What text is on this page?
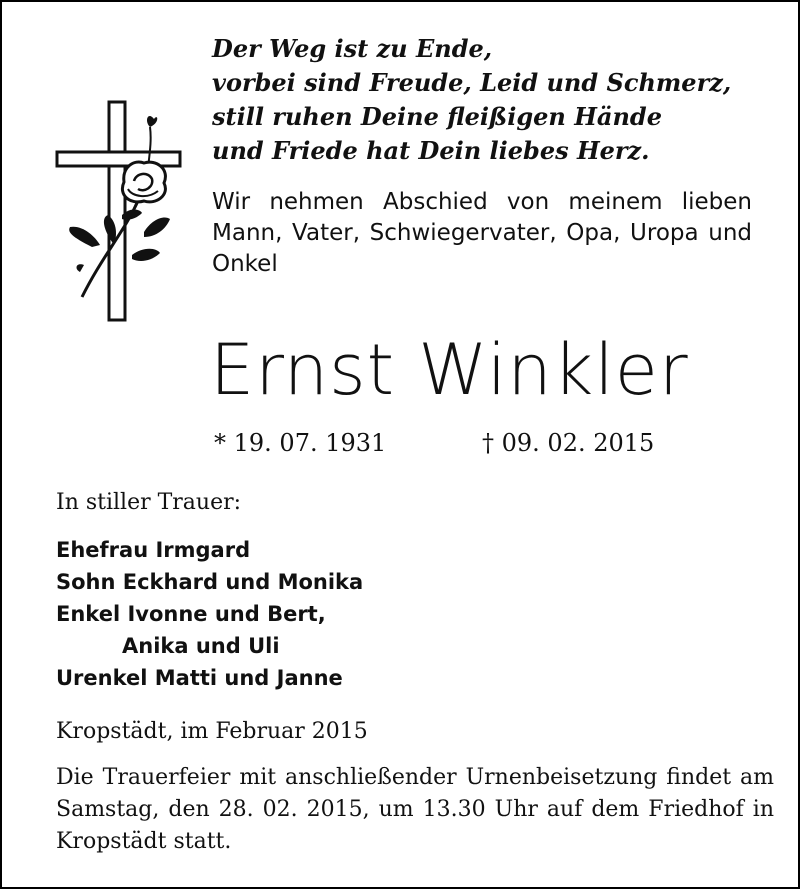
Der Weg ist zu Ende,
vorbei sind Freude, Leid und Schmerz,
still ruhen Deine fleißigen Hände
und Friede hat Dein liebes Herz.
Wir nehmen Abschied von meinem lieben Mann, Vater, Schwiegervater, Opa, Uropa und Onkel
Ernst Winkler
* 19. 07. 1931	† 09. 02. 2015
In stiller Trauer:
Ehefrau Irmgard
Sohn Eckhard und Monika
Enkel Ivonne und Bert,
Anika und Uli
Urenkel Matti und Janne
Kropstädt, im Februar 2015
Die Trauerfeier mit anschließender Urnenbeisetzung findet am Samstag, den 28. 02. 2015, um 13.30 Uhr auf dem Friedhof in Kropstädt statt.
